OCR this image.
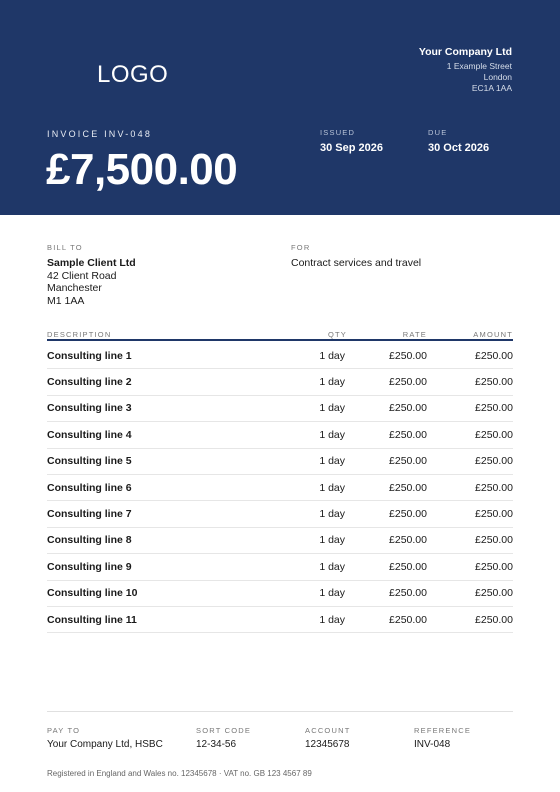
LOGO
Your Company Ltd
1 Example Street
London
EC1A 1AA
INVOICE INV-048
£7,500.00
ISSUED
30 Sep 2026
DUE
30 Oct 2026
BILL TO
Sample Client Ltd
42 Client Road
Manchester
M1 1AA
FOR
Contract services and travel
DESCRIPTION	QTY	RATE	AMOUNT
Consulting line 1	1 day	£250.00	£250.00
Consulting line 2	1 day	£250.00	£250.00
Consulting line 3	1 day	£250.00	£250.00
Consulting line 4	1 day	£250.00	£250.00
Consulting line 5	1 day	£250.00	£250.00
Consulting line 6	1 day	£250.00	£250.00
Consulting line 7	1 day	£250.00	£250.00
Consulting line 8	1 day	£250.00	£250.00
Consulting line 9	1 day	£250.00	£250.00
Consulting line 10	1 day	£250.00	£250.00
Consulting line 11	1 day	£250.00	£250.00
PAY TO
Your Company Ltd, HSBC
SORT CODE
12-34-56
ACCOUNT
12345678
REFERENCE
INV-048
Registered in England and Wales no. 12345678 · VAT no. GB 123 4567 89
